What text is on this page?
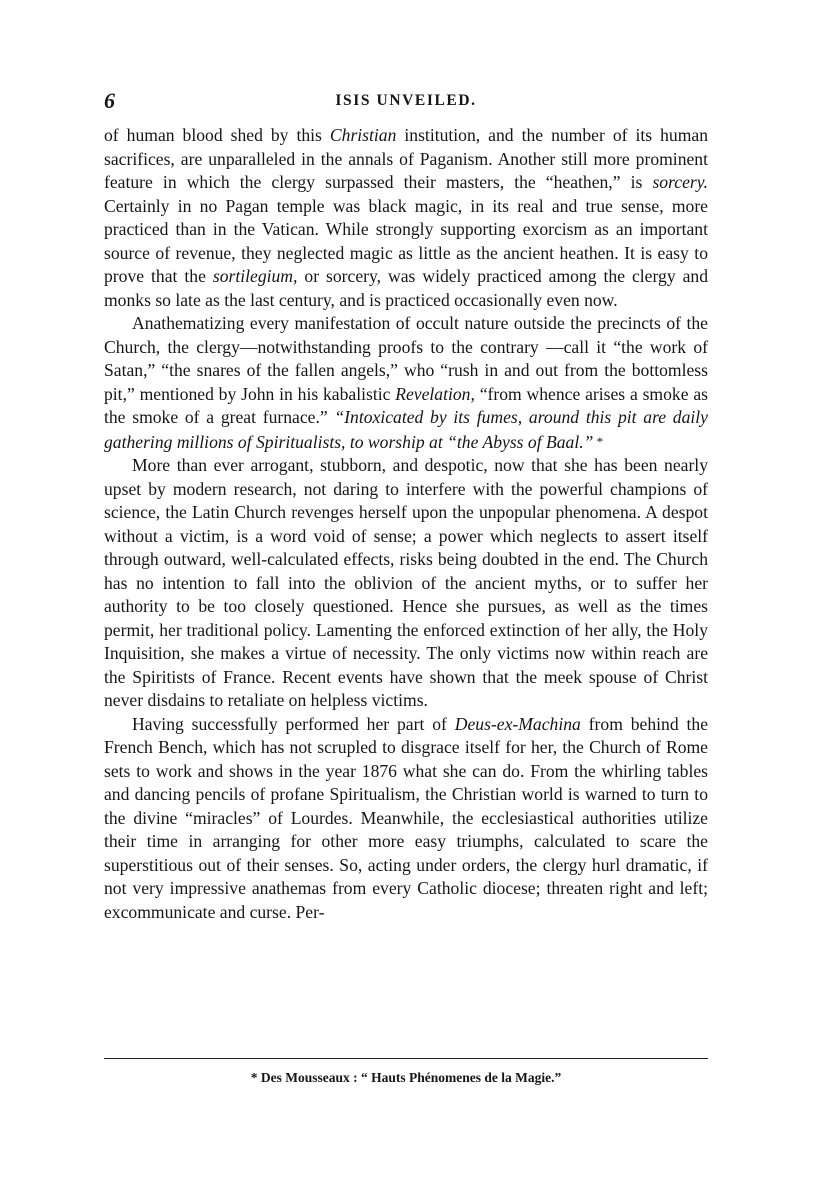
6	ISIS UNVEILED.

of human blood shed by this Christian institution, and the number of its human sacrifices, are unparalleled in the annals of Paganism. Another still more prominent feature in which the clergy surpassed their masters, the “heathen,” is sorcery. Certainly in no Pagan temple was black magic, in its real and true sense, more practiced than in the Vatican. While strongly supporting exorcism as an important source of revenue, they neglected magic as little as the ancient heathen. It is easy to prove that the sortilegium, or sorcery, was widely practiced among the clergy and monks so late as the last century, and is practiced occasionally even now.

Anathematizing every manifestation of occult nature outside the precincts of the Church, the clergy—notwithstanding proofs to the contrary —call it “the work of Satan,” “the snares of the fallen angels,” who “rush in and out from the bottomless pit,” mentioned by John in his kabalistic Revelation, “from whence arises a smoke as the smoke of a great furnace.” “Intoxicated by its fumes, around this pit are daily gathering millions of Spiritualists, to worship at “the Abyss of Baal.” *

More than ever arrogant, stubborn, and despotic, now that she has been nearly upset by modern research, not daring to interfere with the powerful champions of science, the Latin Church revenges herself upon the unpopular phenomena. A despot without a victim, is a word void of sense; a power which neglects to assert itself through outward, well-calculated effects, risks being doubted in the end. The Church has no intention to fall into the oblivion of the ancient myths, or to suffer her authority to be too closely questioned. Hence she pursues, as well as the times permit, her traditional policy. Lamenting the enforced extinction of her ally, the Holy Inquisition, she makes a virtue of necessity. The only victims now within reach are the Spiritists of France. Recent events have shown that the meek spouse of Christ never disdains to retaliate on helpless victims.

Having successfully performed her part of Deus-ex-Machina from behind the French Bench, which has not scrupled to disgrace itself for her, the Church of Rome sets to work and shows in the year 1876 what she can do. From the whirling tables and dancing pencils of profane Spiritualism, the Christian world is warned to turn to the divine “miracles” of Lourdes. Meanwhile, the ecclesiastical authorities utilize their time in arranging for other more easy triumphs, calculated to scare the superstitious out of their senses. So, acting under orders, the clergy hurl dramatic, if not very impressive anathemas from every Catholic diocese; threaten right and left; excommunicate and curse. Per-

* Des Mousseaux : “ Hauts Phénomenes de la Magie.”
